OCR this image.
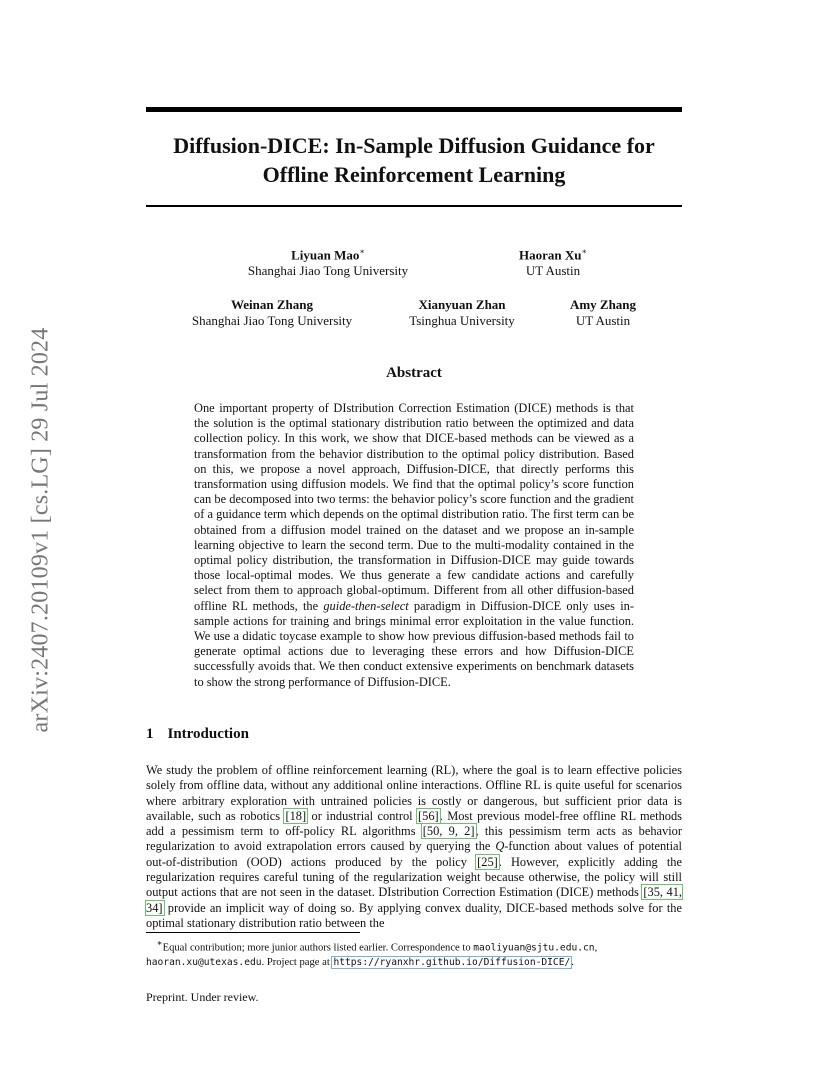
arXiv:2407.20109v1 [cs.LG] 29 Jul 2024
Diffusion-DICE: In-Sample Diffusion Guidance for
Offline Reinforcement Learning
Liyuan Mao∗
Shanghai Jiao Tong University
Haoran Xu∗
UT Austin
Weinan Zhang
Shanghai Jiao Tong University
Xianyuan Zhan
Tsinghua University
Amy Zhang
UT Austin
Abstract

One important property of DIstribution Correction Estimation (DICE) methods is that the solution is the optimal stationary distribution ratio between the optimized and data collection policy. In this work, we show that DICE-based methods can be viewed as a transformation from the behavior distribution to the optimal policy distribution. Based on this, we propose a novel approach, Diffusion-DICE, that directly performs this transformation using diffusion models. We find that the optimal policy’s score function can be decomposed into two terms: the behavior policy’s score function and the gradient of a guidance term which depends on the optimal distribution ratio. The first term can be obtained from a diffusion model trained on the dataset and we propose an in-sample learning objective to learn the second term. Due to the multi-modality contained in the optimal policy distribution, the transformation in Diffusion-DICE may guide towards those local-optimal modes. We thus generate a few candidate actions and carefully select from them to approach global-optimum. Different from all other diffusion-based offline RL methods, the guide-then-select paradigm in Diffusion-DICE only uses in-sample actions for training and brings minimal error exploitation in the value function. We use a didatic toycase example to show how previous diffusion-based methods fail to generate optimal actions due to leveraging these errors and how Diffusion-DICE successfully avoids that. We then conduct extensive experiments on benchmark datasets to show the strong performance of Diffusion-DICE.

1 Introduction

We study the problem of offline reinforcement learning (RL), where the goal is to learn effective policies solely from offline data, without any additional online interactions. Offline RL is quite useful for scenarios where arbitrary exploration with untrained policies is costly or dangerous, but sufficient prior data is available, such as robotics [18] or industrial control [56]. Most previous model-free offline RL methods add a pessimism term to off-policy RL algorithms [50, 9, 2], this pessimism term acts as behavior regularization to avoid extrapolation errors caused by querying the Q-function about values of potential out-of-distribution (OOD) actions produced by the policy [25]. However, explicitly adding the regularization requires careful tuning of the regularization weight because otherwise, the policy will still output actions that are not seen in the dataset. DIstribution Correction Estimation (DICE) methods [35, 41, 34] provide an implicit way of doing so. By applying convex duality, DICE-based methods solve for the optimal stationary distribution ratio between the

 ∗Equal contribution; more junior authors listed earlier. Correspondence to maoliyuan@sjtu.edu.cn, haoran.xu@utexas.edu. Project page at https://ryanxhr.github.io/Diffusion-DICE/.

Preprint. Under review.
